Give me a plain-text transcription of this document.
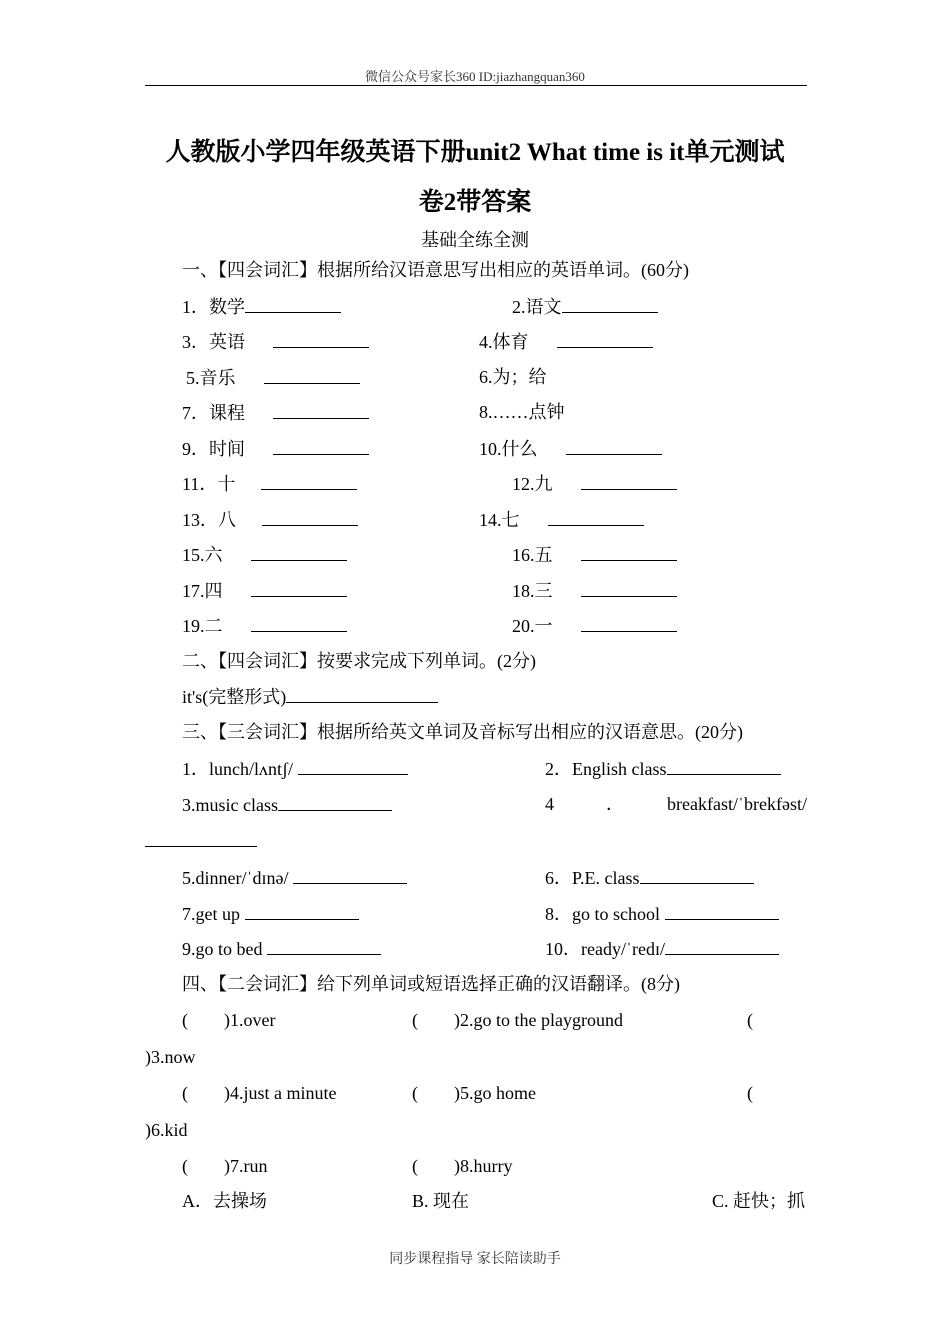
微信公众号家长360 ID:jiazhangquan360
人教版小学四年级英语下册unit2 What time is it单元测试
卷2带答案
基础全练全测
一、【四会词汇】根据所给汉语意思写出相应的英语单词。(60分)
1．数学	2.语文
3．英语	4.体育
5.音乐	6.为；给
7．课程	8.……点钟
9．时间	10.什么
11．十	12.九
13．八	14.七
15.六	16.五
17.四	18.三
19.二	20.一
二、【四会词汇】按要求完成下列单词。(2分)
it's(完整形式)
三、【三会词汇】根据所给英文单词及音标写出相应的汉语意思。(20分)
1．lunch/lʌntʃ/	2．English class
3.music class	4　．　breakfast/ˈbrekfəst/
5.dinner/ˈdɪnə/	6．P.E. class
7.get up	8．go to school
9.go to bed	10．ready/ˈredɪ/
四、【二会词汇】给下列单词或短语选择正确的汉语翻译。(8分)
(　　)1.over	(　　)2.go to the playground	(
)3.now
(　　)4.just a minute	(　　)5.go home	(
)6.kid
(　　)7.run	(　　)8.hurry
A．去操场	B. 现在	C. 赶快；抓
同步课程指导 家长陪读助手
